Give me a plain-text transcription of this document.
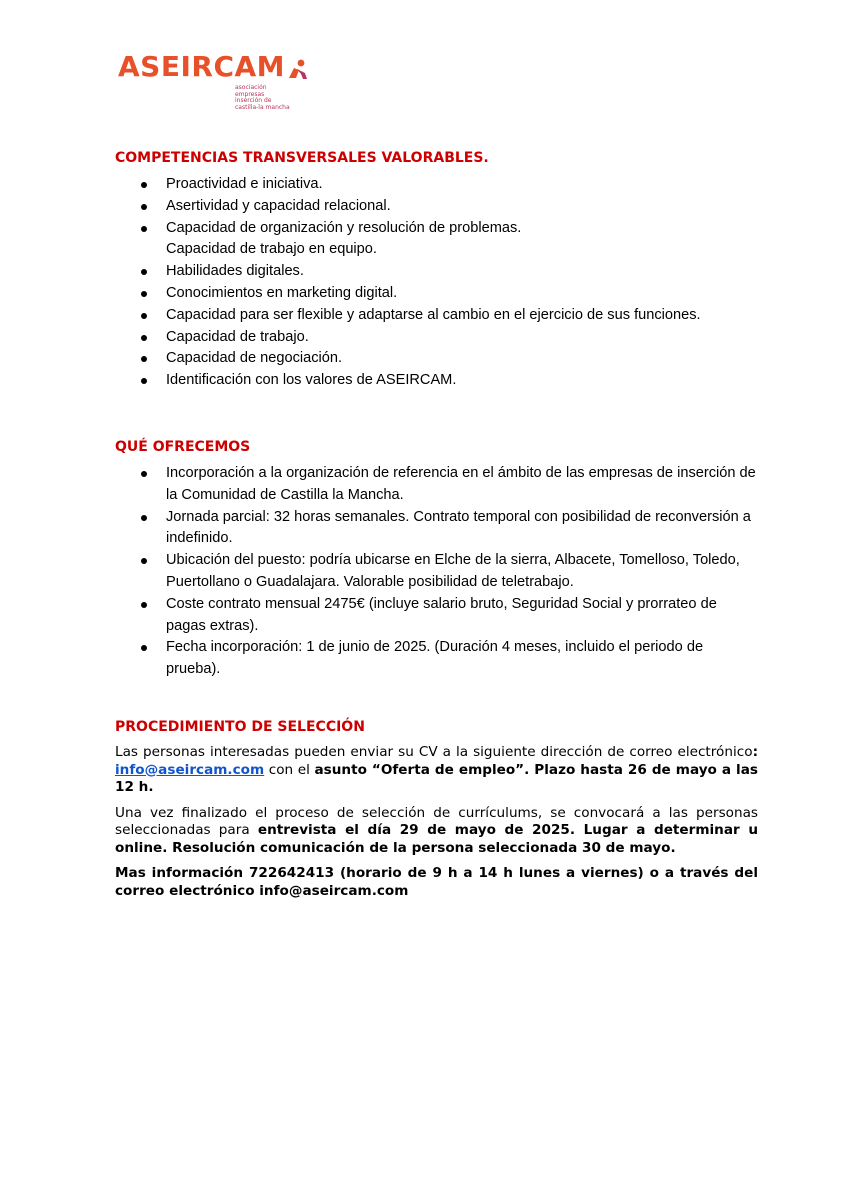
ASEIRCAM
asociación
empresas
inserción de
castilla-la mancha
COMPETENCIAS TRANSVERSALES VALORABLES.
Proactividad e iniciativa.
Asertividad y capacidad relacional.
Capacidad de organización y resolución de problemas.
Capacidad de trabajo en equipo.
Habilidades digitales.
Conocimientos en marketing digital.
Capacidad para ser flexible y adaptarse al cambio en el ejercicio de sus funciones.
Capacidad de trabajo.
Capacidad de negociación.
Identificación con los valores de ASEIRCAM.
QUÉ OFRECEMOS
Incorporación a la organización de referencia en el ámbito de las empresas de inserción de la Comunidad de Castilla la Mancha.
Jornada parcial: 32 horas semanales. Contrato temporal con posibilidad de reconversión a indefinido.
Ubicación del puesto: podría ubicarse en Elche de la sierra, Albacete, Tomelloso, Toledo, Puertollano o Guadalajara. Valorable posibilidad de teletrabajo.
Coste contrato mensual 2475€ (incluye salario bruto, Seguridad Social y prorrateo de pagas extras).
Fecha incorporación: 1 de junio de 2025. (Duración 4 meses, incluido el periodo de prueba).
PROCEDIMIENTO DE SELECCIÓN

Las personas interesadas pueden enviar su CV a la siguiente dirección de correo electrónico: info@aseircam.com con el asunto “Oferta de empleo”. Plazo hasta 26 de mayo a las 12 h.

Una vez finalizado el proceso de selección de currículums, se convocará a las personas seleccionadas para entrevista el día 29 de mayo de 2025. Lugar a determinar u online. Resolución comunicación de la persona seleccionada 30 de mayo.

Mas información 722642413 (horario de 9 h a 14 h lunes a viernes) o a través del correo electrónico info@aseircam.com
